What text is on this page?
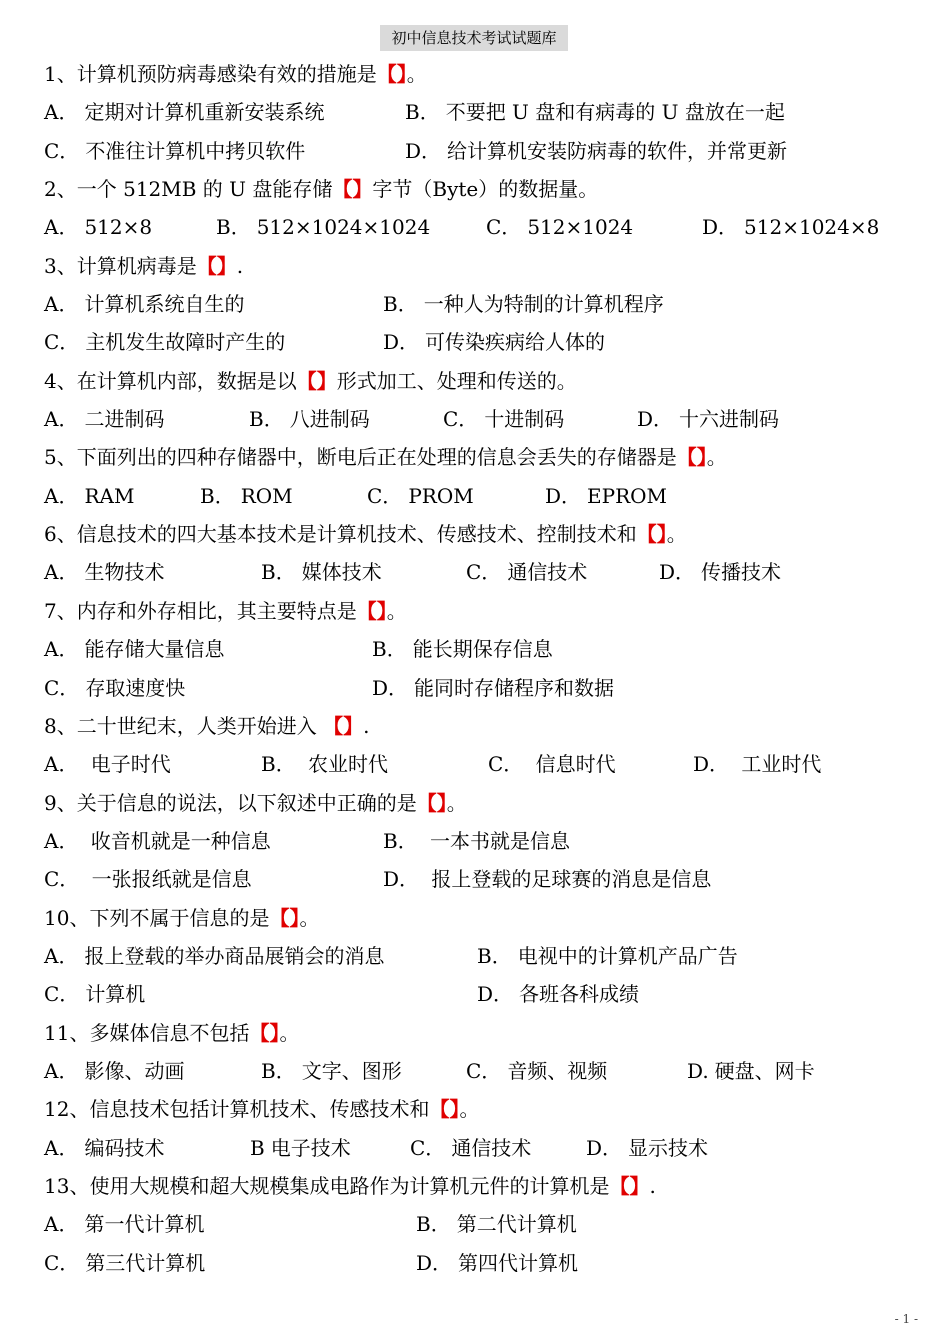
初中信息技术考试试题库
1、计算机预防病毒感染有效的措施是【】。
A． 定期对计算机重新安装系统	B． 不要把 U 盘和有病毒的 U 盘放在一起
C． 不准往计算机中拷贝软件	D． 给计算机安装防病毒的软件，并常更新
2、一个 512MB 的 U 盘能存储【】字节（Byte）的数据量。
A． 512×8	B． 512×1024×1024	C． 512×1024	D． 512×1024×8
3、计算机病毒是【】.
A． 计算机系统自生的	B． 一种人为特制的计算机程序
C． 主机发生故障时产生的	D． 可传染疾病给人体的
4、在计算机内部，数据是以【】形式加工、处理和传送的。
A． 二进制码	B． 八进制码	C． 十进制码	D． 十六进制码
5、下面列出的四种存储器中，断电后正在处理的信息会丢失的存储器是【】。
A． RAM	B． ROM	C． PROM	D． EPROM
6、信息技术的四大基本技术是计算机技术、传感技术、控制技术和【】。
A． 生物技术	B． 媒体技术	C． 通信技术	D． 传播技术
7、内存和外存相比，其主要特点是【】。
A． 能存储大量信息	B． 能长期保存信息
C． 存取速度快	D． 能同时存储程序和数据
8、二十世纪末，人类开始进入 【】.
A． 电子时代	B． 农业时代	C． 信息时代	D． 工业时代
9、关于信息的说法，以下叙述中正确的是【】。
A． 收音机就是一种信息	B． 一本书就是信息
C． 一张报纸就是信息	D． 报上登载的足球赛的消息是信息
10、下列不属于信息的是【】。
A． 报上登载的举办商品展销会的消息	B． 电视中的计算机产品广告
C． 计算机	D． 各班各科成绩
11、多媒体信息不包括【】。
A． 影像、动画	B． 文字、图形	C． 音频、视频	D. 硬盘、网卡
12、信息技术包括计算机技术、传感技术和【】。
A． 编码技术	B 电子技术	C． 通信技术	D． 显示技术
13、使用大规模和超大规模集成电路作为计算机元件的计算机是【】.
A． 第一代计算机	B． 第二代计算机
C． 第三代计算机	D． 第四代计算机
- 1 -
